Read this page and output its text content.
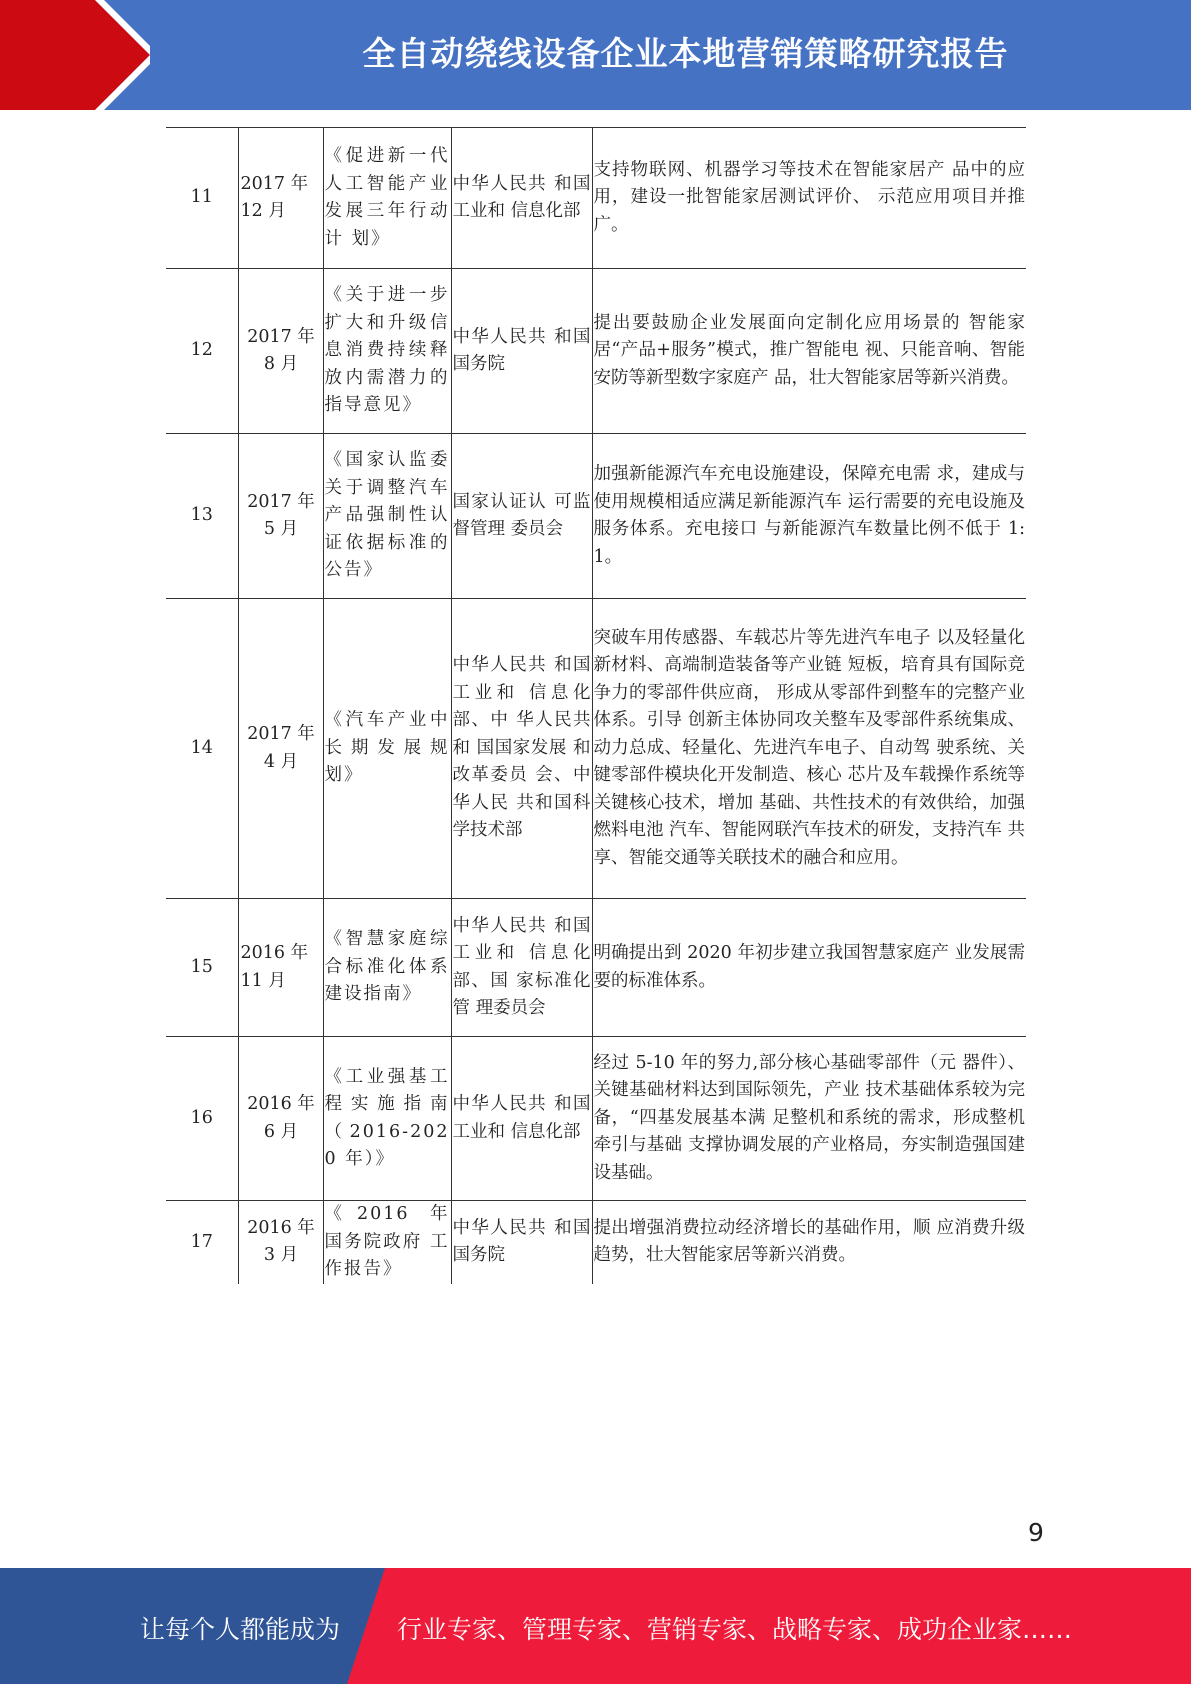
全自动绕线设备企业本地营销策略研究报告
11	2017 年 12 月	《促进新一代人工智能产业发展三年行动计 划》	中华人民共 和国工业和 信息化部	支持物联网、机器学习等技术在智能家居产 品中的应用，建设一批智能家居测试评价、 示范应用项目并推广。
12	2017 年 8 月	《关于进一步扩大和升级信息消费持续释放内需潜力的指导意见》	中华人民共 和国国务院	提出要鼓励企业发展面向定制化应用场景的 智能家居“产品+服务”模式，推广智能电 视、只能音响、智能安防等新型数字家庭产 品，壮大智能家居等新兴消费。
13	2017 年 5 月	《国家认监委关于调整汽车产品强制性认证依据标准的公告》	国家认证认 可监督管理 委员会	加强新能源汽车充电设施建设，保障充电需 求，建成与使用规模相适应满足新能源汽车 运行需要的充电设施及服务体系。充电接口 与新能源汽车数量比例不低于 1:1。
14	2017 年 4 月	《汽车产业中长期发展规划》	中华人民共 和国工业和 信息化部、中 华人民共和 国国家发展 和改革委员 会、中华人民 共和国科学技术部	突破车用传感器、车载芯片等先进汽车电子 以及轻量化新材料、高端制造装备等产业链 短板，培育具有国际竞争力的零部件供应商， 形成从零部件到整车的完整产业体系。引导 创新主体协同攻关整车及零部件系统集成、 动力总成、轻量化、先进汽车电子、自动驾 驶系统、关键零部件模块化开发制造、核心 芯片及车载操作系统等关键核心技术，增加 基础、共性技术的有效供给，加强燃料电池 汽车、智能网联汽车技术的研发，支持汽车 共享、智能交通等关联技术的融合和应用。
15	2016 年 11 月	《智慧家庭综合标准化体系建设指南》	中华人民共 和国工业和 信息化部、国 家标准化管 理委员会	明确提出到 2020 年初步建立我国智慧家庭产 业发展需要的标准体系。
16	2016 年 6 月	《工业强基工程实施指南（2016-2020 年）》	中华人民共 和国工业和 信息化部	经过 5-10 年的努力,部分核心基础零部件（元 器件）、关键基础材料达到国际领先，产业 技术基础体系较为完备，“四基发展基本满 足整机和系统的需求，形成整机牵引与基础 支撑协调发展的产业格局，夯实制造强国建 设基础。
17	2016 年 3 月	《2016 年 国务院政府 工作报告》	中华人民共 和国国务院	提出增强消费拉动经济增长的基础作用，顺 应消费升级趋势，壮大智能家居等新兴消费。
9
让每个人都能成为 行业专家、管理专家、营销专家、战略专家、成功企业家……
